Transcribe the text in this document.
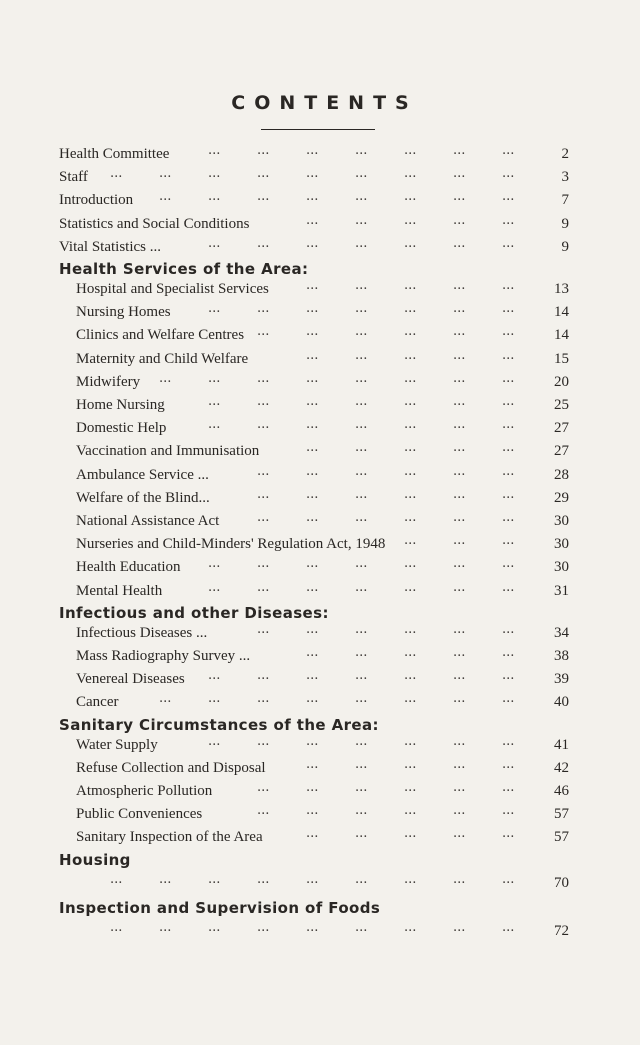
CONTENTS
Health Committee	...
...
...
...
...
...
...	2
Staff	...
...
...
...
...
...
...
...
...	3
Introduction	...
...
...
...
...
...
...
...	7
Statistics and Social Conditions	...
...
...
...
...	9
Vital Statistics ...	...
...
...
...
...
...
...	9
Health Services of the Area:
Hospital and Specialist Services	...
...
...
...
...	13
Nursing Homes	...
...
...
...
...
...
...	14
Clinics and Welfare Centres	...
...
...
...
...
...	14
Maternity and Child Welfare	...
...
...
...
...	15
Midwifery	...
...
...
...
...
...
...
...	20
Home Nursing	...
...
...
...
...
...
...	25
Domestic Help	...
...
...
...
...
...
...	27
Vaccination and Immunisation	...
...
...
...
...	27
Ambulance Service ...	...
...
...
...
...
...	28
Welfare of the Blind...	...
...
...
...
...
...	29
National Assistance Act	...
...
...
...
...
...	30
Nurseries and Child-Minders' Regulation Act, 1948	...
...
...	30
Health Education	...
...
...
...
...
...
...	30
Mental Health	...
...
...
...
...
...
...	31
Infectious and other Diseases:
Infectious Diseases ...	...
...
...
...
...
...	34
Mass Radiography Survey ...	...
...
...
...
...	38
Venereal Diseases	...
...
...
...
...
...
...	39
Cancer	...
...
...
...
...
...
...
...	40
Sanitary Circumstances of the Area:
Water Supply	...
...
...
...
...
...
...	41
Refuse Collection and Disposal	...
...
...
...
...	42
Atmospheric Pollution	...
...
...
...
...
...	46
Public Conveniences	...
...
...
...
...
...	57
Sanitary Inspection of the Area	...
...
...
...
...	57
Housing
...
...
...
...
...
...
...
...
...	70
Inspection and Supervision of Foods
...
...
...
...
...
...
...
...
...	72
